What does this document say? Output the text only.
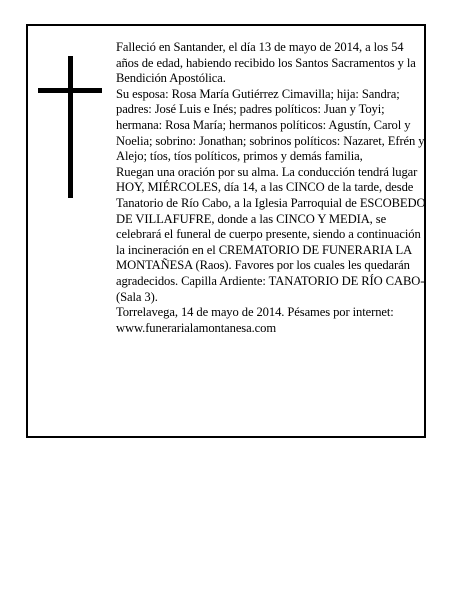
Falleció en Santander, el día 13 de mayo de 2014, a los 54 años de edad, habiendo recibido los Santos Sacramentos y la Bendición Apostólica.

Su esposa: Rosa María Gutiérrez Cimavilla; hija: Sandra; padres: José Luis e Inés; padres políticos: Juan y Toyi; hermana: Rosa María; hermanos políticos: Agustín, Carol y Noelia; sobrino: Jonathan; sobrinos políticos: Nazaret, Efrén y Alejo; tíos, tíos políticos, primos y demás familia,

Ruegan una oración por su alma. La conducción tendrá lugar HOY, MIÉRCOLES, día 14, a las CINCO de la tarde, desde Tanatorio de Río Cabo, a la Iglesia Parroquial de ESCOBEDO DE VILLAFUFRE, donde a las CINCO Y MEDIA, se celebrará el funeral de cuerpo presente, siendo a continuación la incineración en el CREMATORIO DE FUNERARIA LA MONTAÑESA (Raos). Favores por los cuales les quedarán agradecidos. Capilla Ardiente: TANATORIO DE RÍO CABO-(Sala 3).

Torrelavega, 14 de mayo de 2014. Pésames por internet: www.funerarialamontanesa.com
